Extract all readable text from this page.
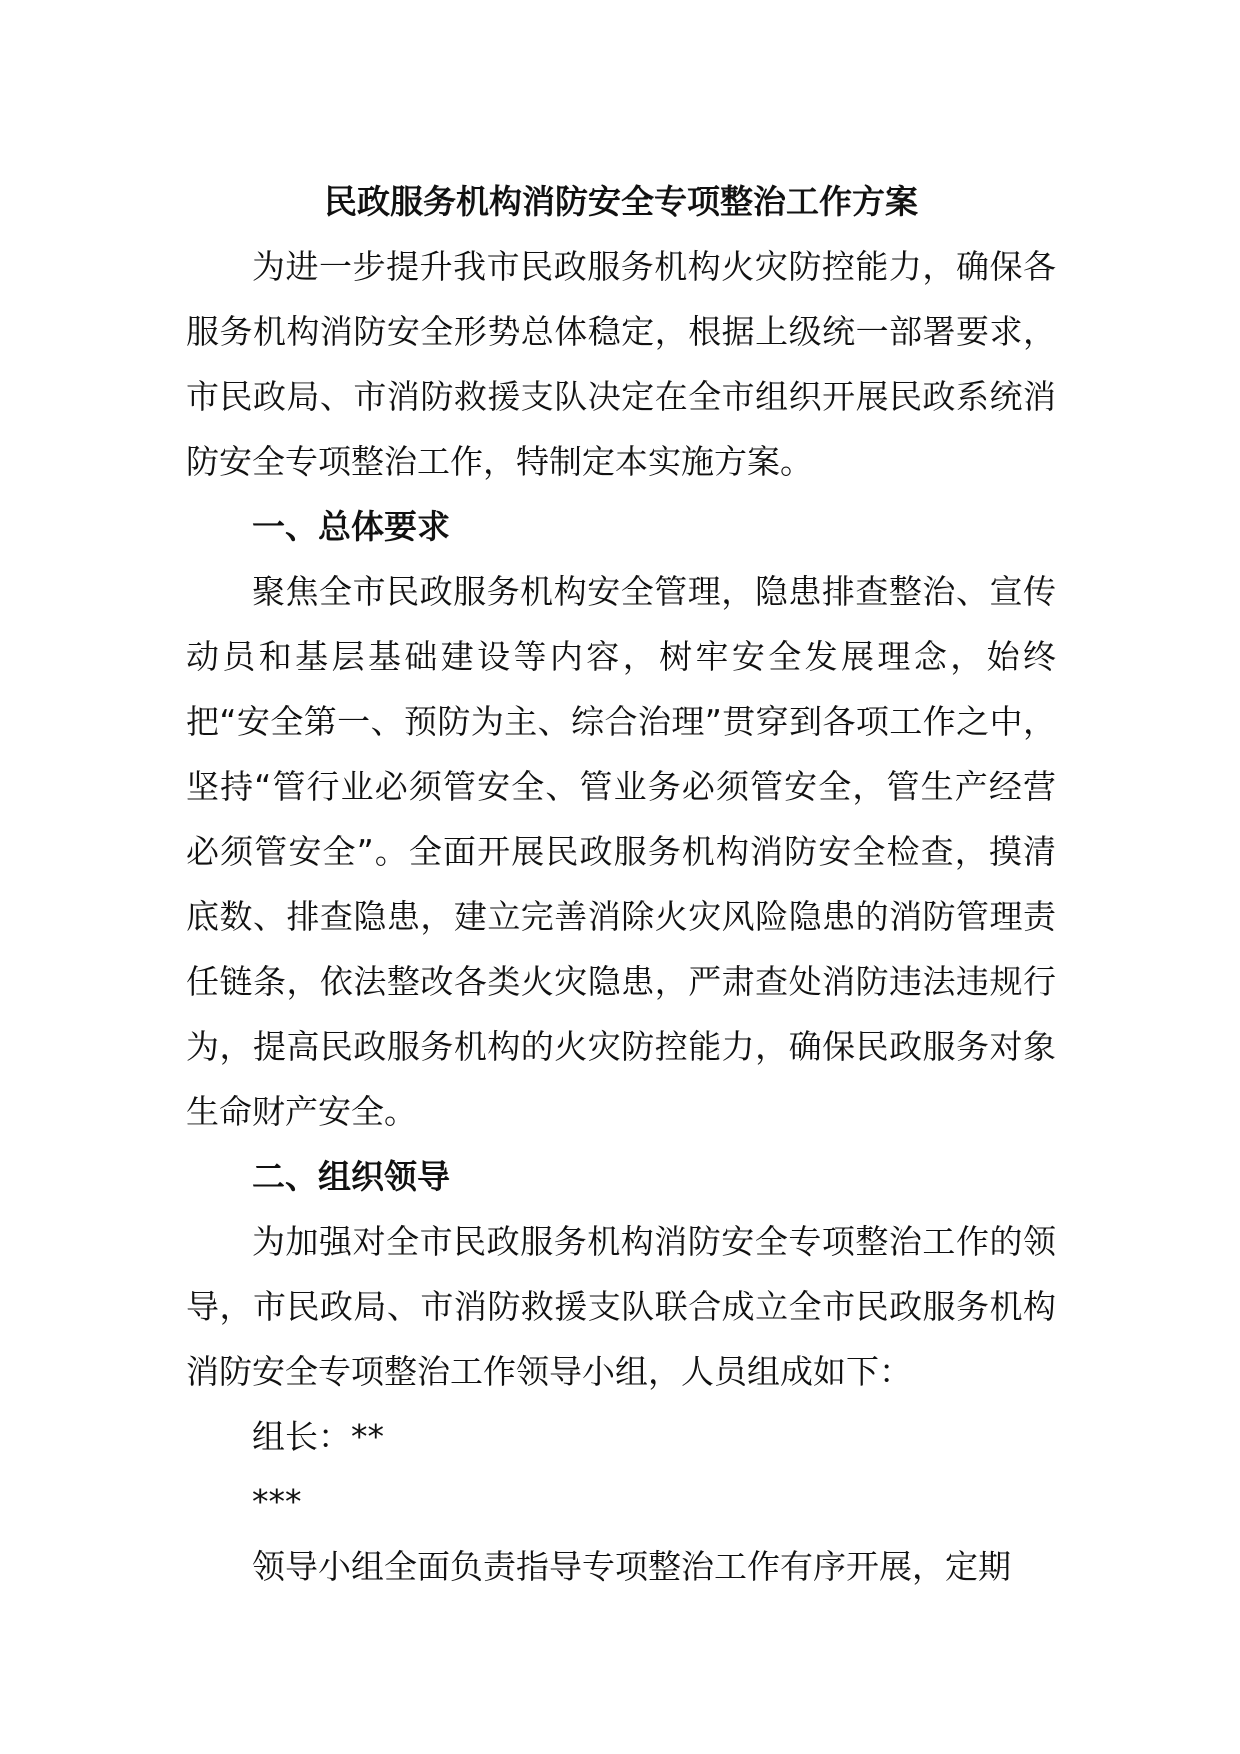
民政服务机构消防安全专项整治工作方案

为进一步提升我市民政服务机构火灾防控能力，确保各服务机构消防安全形势总体稳定，根据上级统一部署要求，市民政局、市消防救援支队决定在全市组织开展民政系统消防安全专项整治工作，特制定本实施方案。

一、总体要求

聚焦全市民政服务机构安全管理，隐患排查整治、宣传动员和基层基础建设等内容，树牢安全发展理念，始终把“安全第一、预防为主、综合治理”贯穿到各项工作之中，坚持“管行业必须管安全、管业务必须管安全，管生产经营必须管安全”。全面开展民政服务机构消防安全检查，摸清底数、排查隐患，建立完善消除火灾风险隐患的消防管理责任链条，依法整改各类火灾隐患，严肃查处消防违法违规行为，提高民政服务机构的火灾防控能力，确保民政服务对象生命财产安全。

二、组织领导

为加强对全市民政服务机构消防安全专项整治工作的领导，市民政局、市消防救援支队联合成立全市民政服务机构消防安全专项整治工作领导小组，人员组成如下：

组长：**

***

领导小组全面负责指导专项整治工作有序开展，定期
